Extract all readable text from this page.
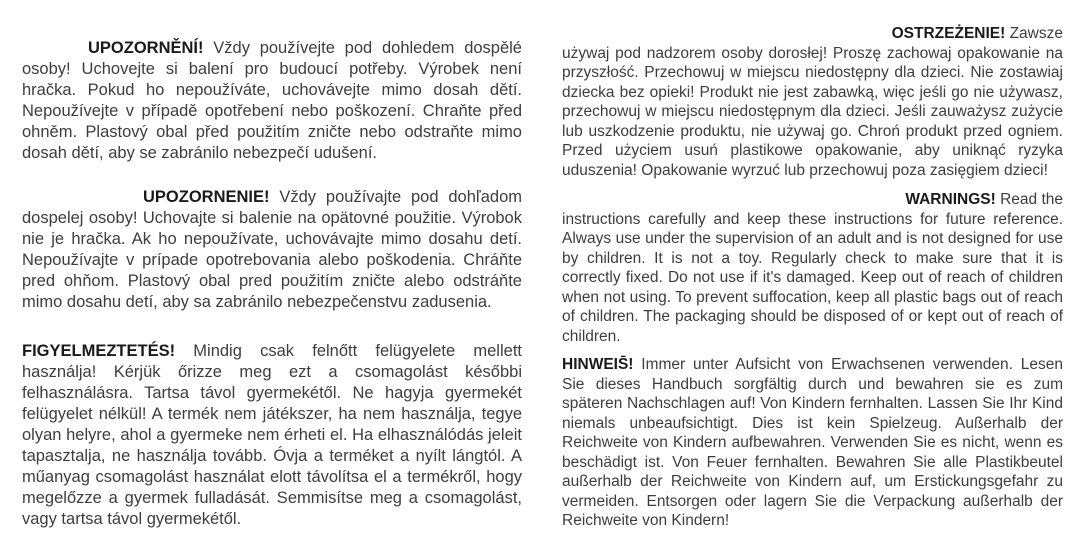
UPOZORNĚNÍ! Vždy používejte pod dohledem dospělé osoby! Uchovejte si balení pro budoucí potřeby. Výrobek není hračka. Pokud ho nepoužíváte, uchovávejte mimo dosah dětí. Nepoužívejte v případě opotřebení nebo poškození. Chraňte před ohněm. Plastový obal před použitím zničte nebo odstraňte mimo dosah dětí, aby se zabránilo nebezpečí udušení.

UPOZORNENIE! Vždy používajte pod dohľadom dospelej osoby! Uchovajte si balenie na opätovné použitie. Výrobok nie je hračka. Ak ho nepoužívate, uchovávajte mimo dosahu detí. Nepoužívajte v prípade opotrebovania alebo poškodenia. Chráňte pred ohňom. Plastový obal pred použitím zničte alebo odstráňte mimo dosahu detí, aby sa zabránilo nebezpečenstvu zadusenia.

FIGYELMEZTETÉS! Mindig csak felnőtt felügyelete mellett használja! Kérjük őrizze meg ezt a csomagolást későbbi felhasználásra. Tartsa távol gyermekétől. Ne hagyja gyermekét felügyelet nélkül! A termék nem játékszer, ha nem használja, tegye olyan helyre, ahol a gyermeke nem érheti el. Ha elhasználódás jeleit tapasztalja, ne használja tovább. Óvja a terméket a nyílt lángtól. A műanyag csomagolást használat elott távolítsa el a termékről, hogy megelőzze a gyermek fulladását. Semmisítse meg a csomagolást, vagy tartsa távol gyermekétől.

OSTRZEŻENIE! Zawsze

używaj pod nadzorem osoby dorosłej! Proszę zachowaj opakowanie na przyszłość. Przechowuj w miejscu niedostępny dla dzieci. Nie zostawiaj dziecka bez opieki! Produkt nie jest zabawką, więc jeśli go nie używasz, przechowuj w miejscu niedostępnym dla dzieci. Jeśli zauważysz zużycie lub uszkodzenie produktu, nie używaj go. Chroń produkt przed ogniem. Przed użyciem usuń plastikowe opakowanie, aby uniknąć ryzyka uduszenia! Opakowanie wyrzuć lub przechowuj poza zasięgiem dzieci!

WARNINGS! Read the

instructions carefully and keep these instructions for future reference. Always use under the supervision of an adult and is not designed for use by children. It is not a toy. Regularly check to make sure that it is correctly fixed. Do not use if it's damaged. Keep out of reach of children when not using. To prevent suffocation, keep all plastic bags out of reach of children. The packaging should be disposed of or kept out of reach of children.

HINWEIS̄! Immer unter Aufsicht von Erwachsenen verwenden. Lesen Sie dieses Handbuch sorgfältig durch und bewahren sie es zum späteren Nachschlagen auf! Von Kindern fernhalten. Lassen Sie Ihr Kind niemals unbeaufsichtigt. Dies ist kein Spielzeug. Außerhalb der Reichweite von Kindern aufbewahren. Verwenden Sie es nicht, wenn es beschädigt ist. Von Feuer fernhalten. Bewahren Sie alle Plastikbeutel außerhalb der Reichweite von Kindern auf, um Erstickungsgefahr zu vermeiden. Entsorgen oder lagern Sie die Verpackung außerhalb der Reichweite von Kindern!
